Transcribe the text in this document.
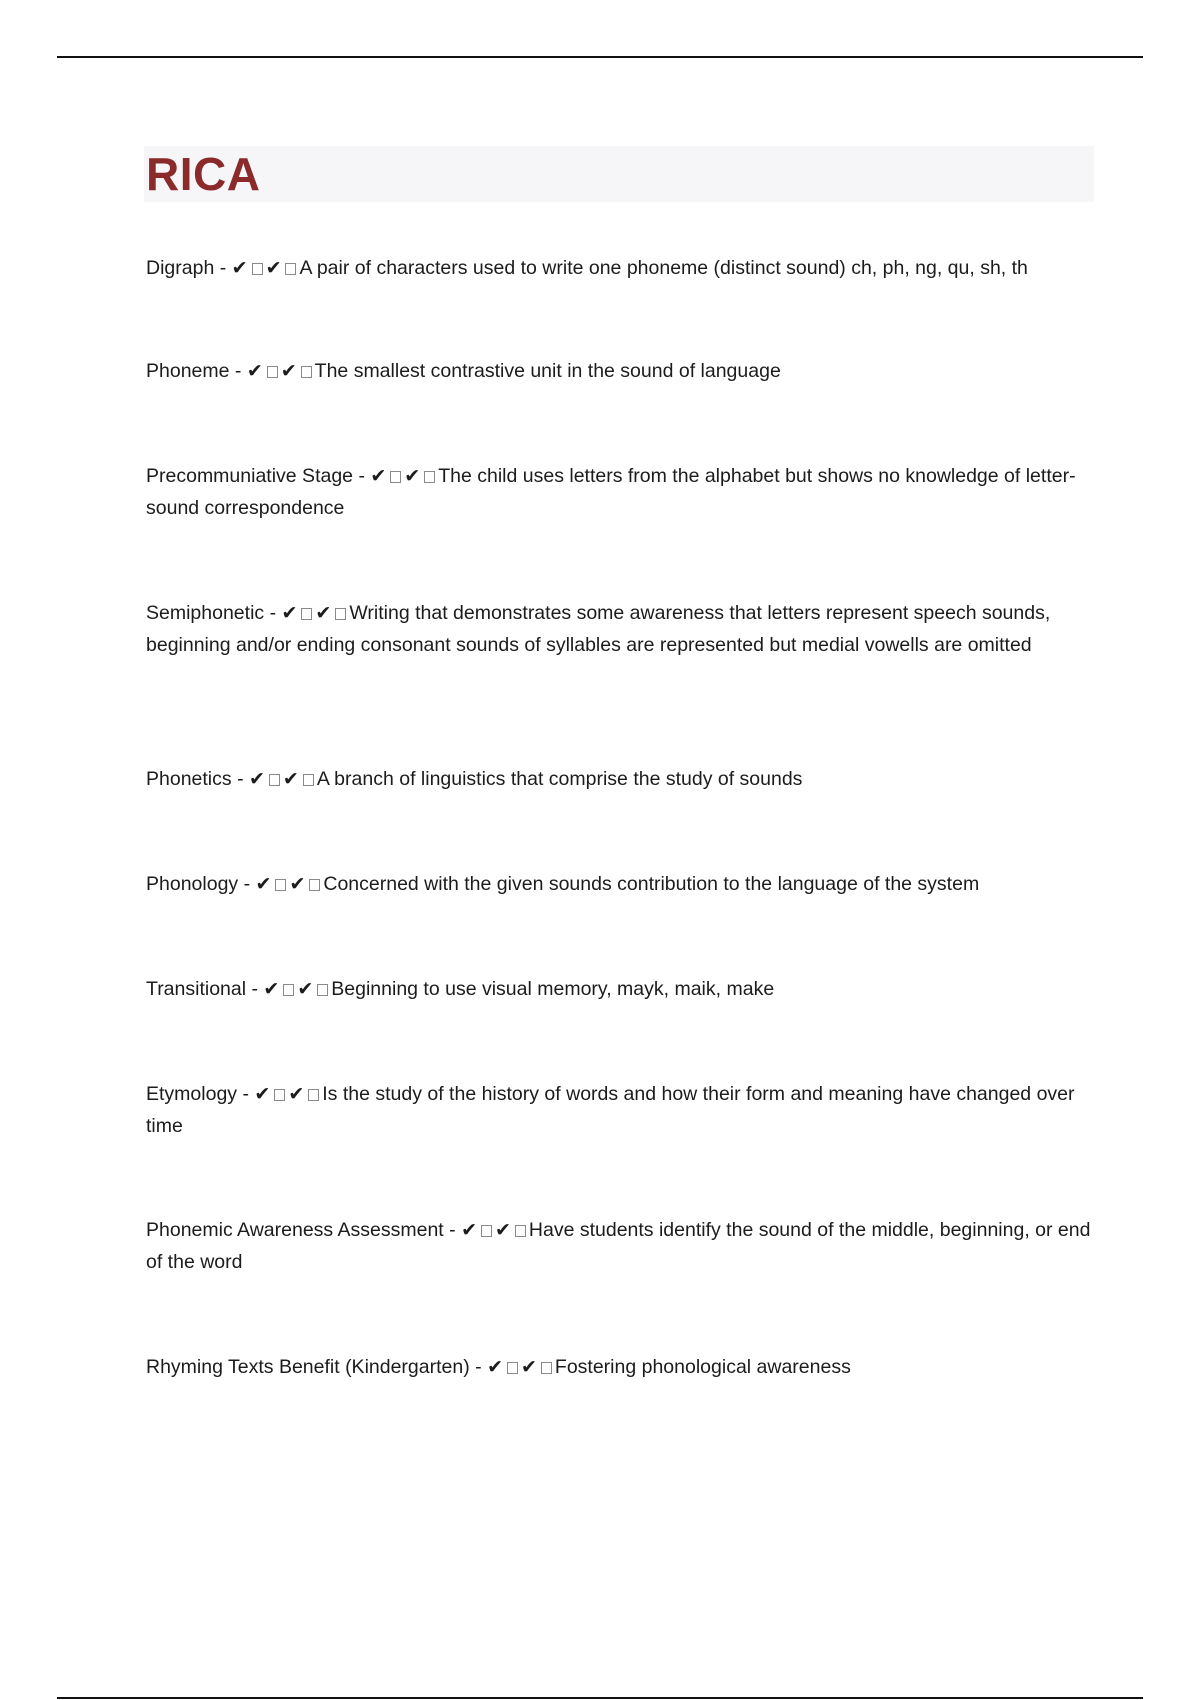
RICA

Digraph - ✔ ✔ A pair of characters used to write one phoneme (distinct sound) ch, ph, ng, qu, sh, th

Phoneme - ✔ ✔ The smallest contrastive unit in the sound of language

Precommuniative Stage - ✔ ✔ The child uses letters from the alphabet but shows no knowledge of letter-sound correspondence

Semiphonetic - ✔ ✔ Writing that demonstrates some awareness that letters represent speech sounds, beginning and/or ending consonant sounds of syllables are represented but medial vowells are omitted

Phonetics - ✔ ✔ A branch of linguistics that comprise the study of sounds

Phonology - ✔ ✔ Concerned with the given sounds contribution to the language of the system

Transitional - ✔ ✔ Beginning to use visual memory, mayk, maik, make

Etymology - ✔ ✔ Is the study of the history of words and how their form and meaning have changed over time

Phonemic Awareness Assessment - ✔ ✔ Have students identify the sound of the middle, beginning, or end of the word

Rhyming Texts Benefit (Kindergarten) - ✔ ✔ Fostering phonological awareness
